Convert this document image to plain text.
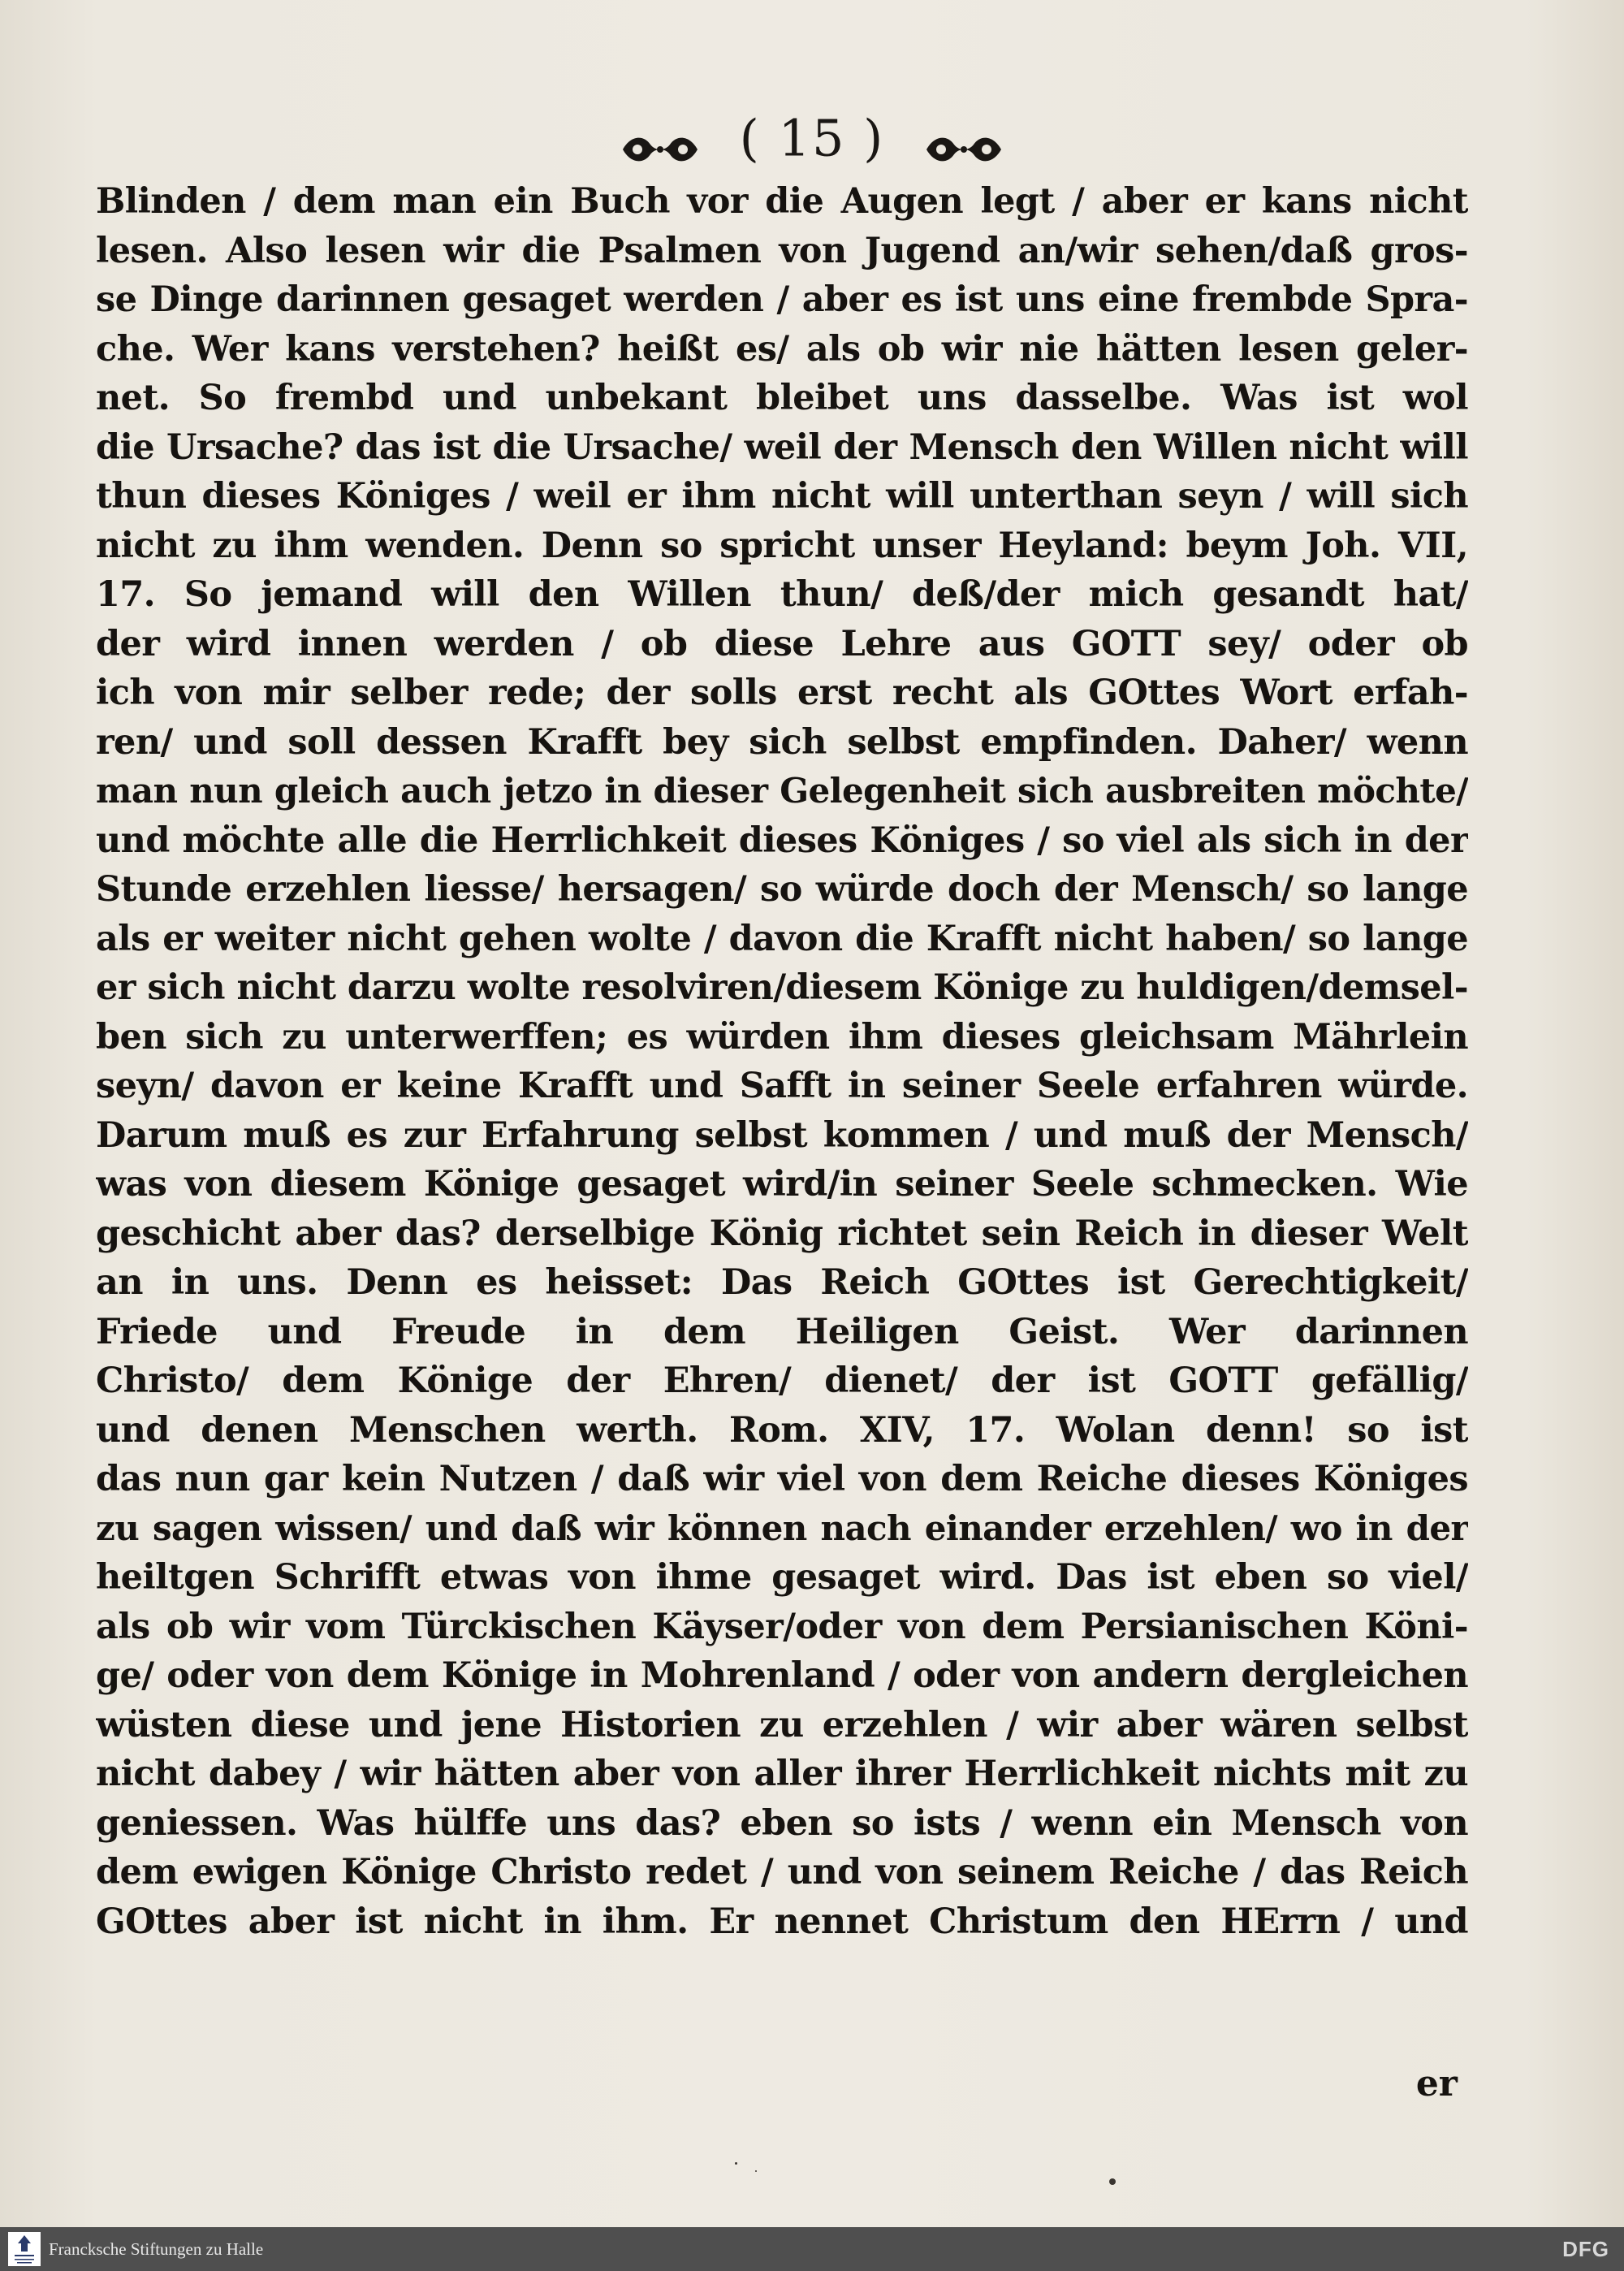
( 15 )
Blinden / dem man ein Buch vor die Augen legt / aber er kans nicht
lesen. Also lesen wir die Psalmen von Jugend an/wir sehen/daß gros-
se Dinge darinnen gesaget werden / aber es ist uns eine frembde Spra-
che. Wer kans verstehen? heißt es/ als ob wir nie hätten lesen geler-
net. So frembd und unbekant bleibet uns dasselbe. Was ist wol
die Ursache? das ist die Ursache/ weil der Mensch den Willen nicht will
thun dieses Königes / weil er ihm nicht will unterthan seyn / will sich
nicht zu ihm wenden. Denn so spricht unser Heyland: beym Joh. VII,
17. So jemand will den Willen thun/ deß/der mich gesandt hat/
der wird innen werden / ob diese Lehre aus GOTT sey/ oder ob
ich von mir selber rede; der solls erst recht als GOttes Wort erfah-
ren/ und soll dessen Krafft bey sich selbst empfinden. Daher/ wenn
man nun gleich auch jetzo in dieser Gelegenheit sich ausbreiten möchte/
und möchte alle die Herrlichkeit dieses Königes / so viel als sich in der
Stunde erzehlen liesse/ hersagen/ so würde doch der Mensch/ so lange
als er weiter nicht gehen wolte / davon die Krafft nicht haben/ so lange
er sich nicht darzu wolte resolviren/diesem Könige zu huldigen/demsel-
ben sich zu unterwerffen; es würden ihm dieses gleichsam Mährlein
seyn/ davon er keine Krafft und Safft in seiner Seele erfahren würde.
Darum muß es zur Erfahrung selbst kommen / und muß der Mensch/
was von diesem Könige gesaget wird/in seiner Seele schmecken. Wie
geschicht aber das? derselbige König richtet sein Reich in dieser Welt
an in uns. Denn es heisset: Das Reich GOttes ist Gerechtigkeit/
Friede und Freude in dem Heiligen Geist. Wer darinnen
Christo/ dem Könige der Ehren/ dienet/ der ist GOTT gefällig/
und denen Menschen werth. Rom. XIV, 17. Wolan denn! so ist
das nun gar kein Nutzen / daß wir viel von dem Reiche dieses Königes
zu sagen wissen/ und daß wir können nach einander erzehlen/ wo in der
heiltgen Schrifft etwas von ihme gesaget wird. Das ist eben so viel/
als ob wir vom Türckischen Käyser/oder von dem Persianischen Köni-
ge/ oder von dem Könige in Mohrenland / oder von andern dergleichen
wüsten diese und jene Historien zu erzehlen / wir aber wären selbst
nicht dabey / wir hätten aber von aller ihrer Herrlichkeit nichts mit zu
geniessen. Was hülffe uns das? eben so ists / wenn ein Mensch von
dem ewigen Könige Christo redet / und von seinem Reiche / das Reich
GOttes aber ist nicht in ihm. Er nennet Christum den HErrn / und
er
Francksche Stiftungen zu Halle	DFG
